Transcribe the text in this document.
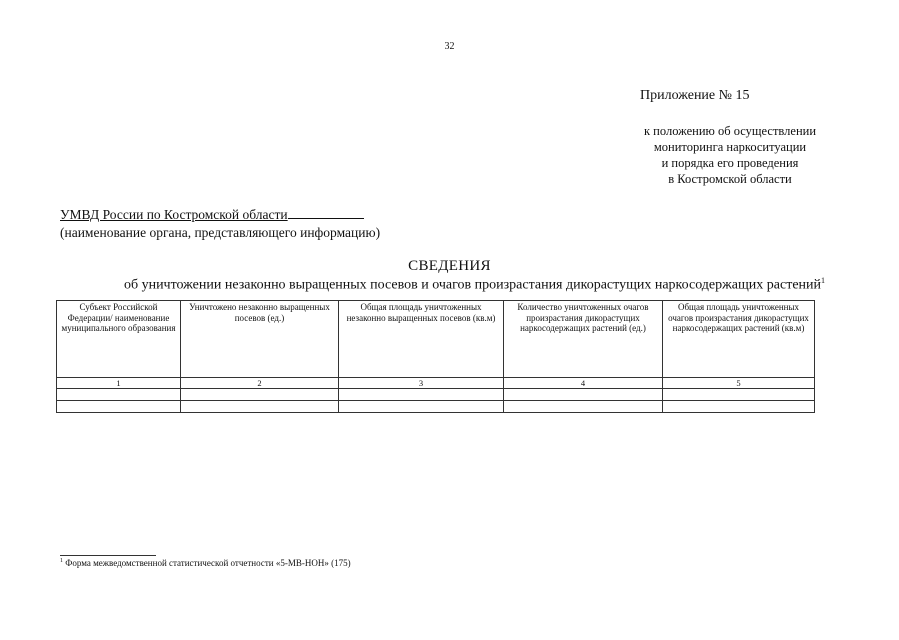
32
Приложение № 15
к положению об осуществлении
мониторинга наркоситуации
и порядка его проведения
в Костромской области
УМВД России по Костромской области
(наименование органа, представляющего информацию)
СВЕДЕНИЯ
об уничтожении незаконно выращенных посевов и очагов произрастания дикорастущих наркосодержащих растений$^1$
Субъект Российской Федерации/ наименование муниципального образования	Уничтожено незаконно выращенных посевов (ед.)	Общая площадь уничтоженных незаконно выращенных посевов (кв.м)	Количество уничтоженных очагов произрастания дикорастущих наркосодержащих растений (ед.)	Общая площадь уничтоженных очагов произрастания дикорастущих наркосодержащих растений (кв.м)
1	2	3	4	5

$^1$ Форма межведомственной статистической отчетности «5-МВ-НОН» (175)
